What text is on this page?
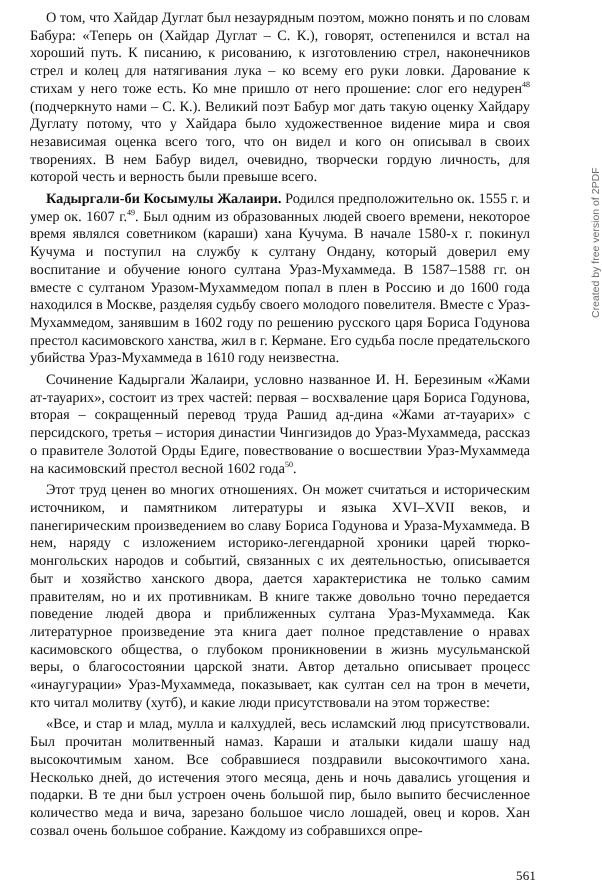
О том, что Хайдар Дуглат был незаурядным поэтом, можно понять и по словам Бабура: «Теперь он (Хайдар Дуглат – С. К.), говорят, остепенился и встал на хороший путь. К писанию, к рисованию, к изготовлению стрел, наконечников стрел и колец для натягивания лука – ко всему его руки ловки. Дарование к стихам у него тоже есть. Ко мне пришло от него прошение: слог его недурен$^{48}$ (подчеркнуто нами – С. К.). Великий поэт Бабур мог дать такую оценку Хайдару Дуглату потому, что у Хайдара было художественное видение мира и своя независимая оценка всего того, что он видел и кого он описывал в своих творениях. В нем Бабур видел, очевидно, творчески гордую личность, для которой честь и верность были превыше всего.

Кадыргали-би Косымулы Жалаири. Родился предположительно ок. 1555 г. и умер ок. 1607 г.$^{49}$. Был одним из образованных людей своего времени, некоторое время являлся советником (караши) хана Кучума. В начале 1580-х г. покинул Кучума и поступил на службу к султану Ондану, который доверил ему воспитание и обучение юного султана Ураз-Мухаммеда. В 1587–1588 гг. он вместе с султаном Уразом-Мухаммедом попал в плен в Россию и до 1600 года находился в Москве, разделяя судьбу своего молодого повелителя. Вместе с Ураз-Мухаммедом, занявшим в 1602 году по решению русского царя Бориса Годунова престол касимовского ханства, жил в г. Кермане. Его судьба после предательского убийства Ураз-Мухаммеда в 1610 году неизвестна.

Сочинение Кадыргали Жалаири, условно названное И. Н. Березиным «Жами ат-тауарих», состоит из трех частей: первая – восхваление царя Бориса Годунова, вторая – сокращенный перевод труда Рашид ад-дина «Жами ат-тауарих» с персидского, третья – история династии Чингизидов до Ураз-Мухаммеда, рассказ о правителе Золотой Орды Едиге, повествование о восшествии Ураз-Мухаммеда на касимовский престол весной 1602 года$^{50}$.

Этот труд ценен во многих отношениях. Он может считаться и историческим источником, и памятником литературы и языка XVI–XVII веков, и панегирическим произведением во славу Бориса Годунова и Ураза-Мухаммеда. В нем, наряду с изложением историко-легендарной хроники царей тюрко-монгольских народов и событий, связанных с их деятельностью, описывается быт и хозяйство ханского двора, дается характеристика не только самим правителям, но и их противникам. В книге также довольно точно передается поведение людей двора и приближенных султана Ураз-Мухаммеда. Как литературное произведение эта книга дает полное представление о нравах касимовского общества, о глубоком проникновении в жизнь мусульманской веры, о благосостоянии царской знати. Автор детально описывает процесс «инаугурации» Ураз-Мухаммеда, показывает, как султан сел на трон в мечети, кто читал молитву (хутб), и какие люди присутствовали на этом торжестве:

«Все, и стар и млад, мулла и калхудлей, весь исламский люд присутствовали. Был прочитан молитвенный намаз. Караши и аталыки кидали шашу над высокочтимым ханом. Все собравшиеся поздравили высокочтимого хана. Несколько дней, до истечения этого месяца, день и ночь давались угощения и подарки. В те дни был устроен очень большой пир, было выпито бесчисленное количество меда и вича, зарезано большое число лошадей, овец и коров. Хан созвал очень большое собрание. Каждому из собравшихся опре-

561
Created by free version of 2PDF
